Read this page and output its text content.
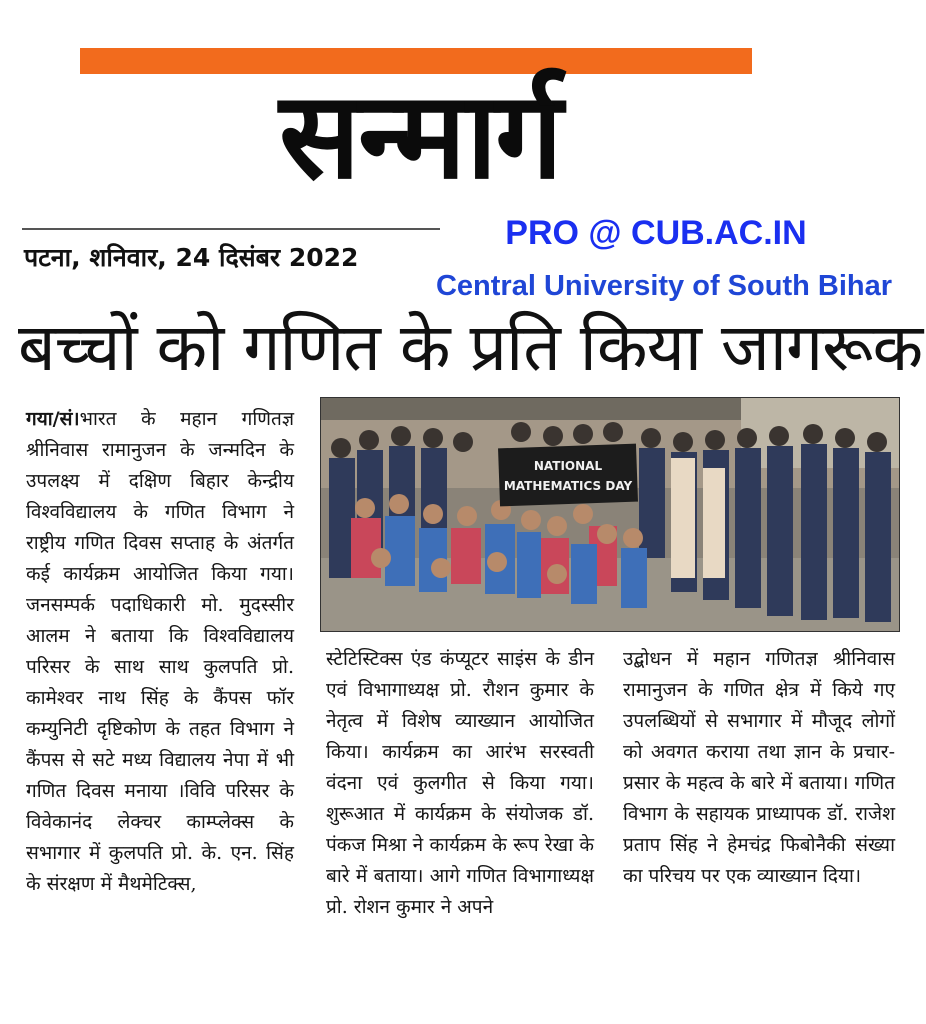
सन्मार्ग
पटना, शनिवार, 24 दिसंबर 2022
PRO @ CUB.AC.IN
Central University of South Bihar
बच्चों को गणित के प्रति किया जागरूक
गया/सं।भारत के महान गणितज्ञ श्रीनिवास रामानुजन के जन्मदिन के उपलक्ष्य में दक्षिण बिहार केन्द्रीय विश्वविद्यालय के गणित विभाग ने राष्ट्रीय गणित दिवस सप्ताह के अंतर्गत कई कार्यक्रम आयोजित किया गया। जनसम्पर्क पदाधिकारी मो. मुदस्सीर आलम ने बताया कि विश्वविद्यालय परिसर के साथ साथ कुलपति प्रो. कामेश्वर नाथ सिंह के कैंपस फॉर कम्युनिटी दृष्टिकोण के तहत विभाग ने कैंपस से सटे मध्य विद्यालय नेपा में भी गणित दिवस मनाया ।विवि परिसर के विवेकानंद लेक्चर काम्प्लेक्स के सभागार में कुलपति प्रो. के. एन. सिंह के संरक्षण में मैथमेटिक्स,
NATIONAL
MATHEMATICS DAY
स्टेटिस्टिक्स एंड कंप्यूटर साइंस के डीन एवं विभागाध्यक्ष प्रो. रौशन कुमार के नेतृत्व में विशेष व्याख्यान आयोजित किया। कार्यक्रम का आरंभ सरस्वती वंदना एवं कुलगीत से किया गया। शुरूआत में कार्यक्रम के संयोजक डॉ. पंकज मिश्रा ने कार्यक्रम के रूप रेखा के बारे में बताया। आगे गणित विभागाध्यक्ष प्रो. रोशन कुमार ने अपने
उद्बोधन में महान गणितज्ञ श्रीनिवास रामानुजन के गणित क्षेत्र में किये गए उपलब्धियों से सभागार में मौजूद लोगों को अवगत कराया तथा ज्ञान के प्रचार- प्रसार के महत्व के बारे में बताया। गणित विभाग के सहायक प्राध्यापक डॉ. राजेश प्रताप सिंह ने हेमचंद्र फिबोनैकी संख्या का परिचय पर एक व्याख्यान दिया।
